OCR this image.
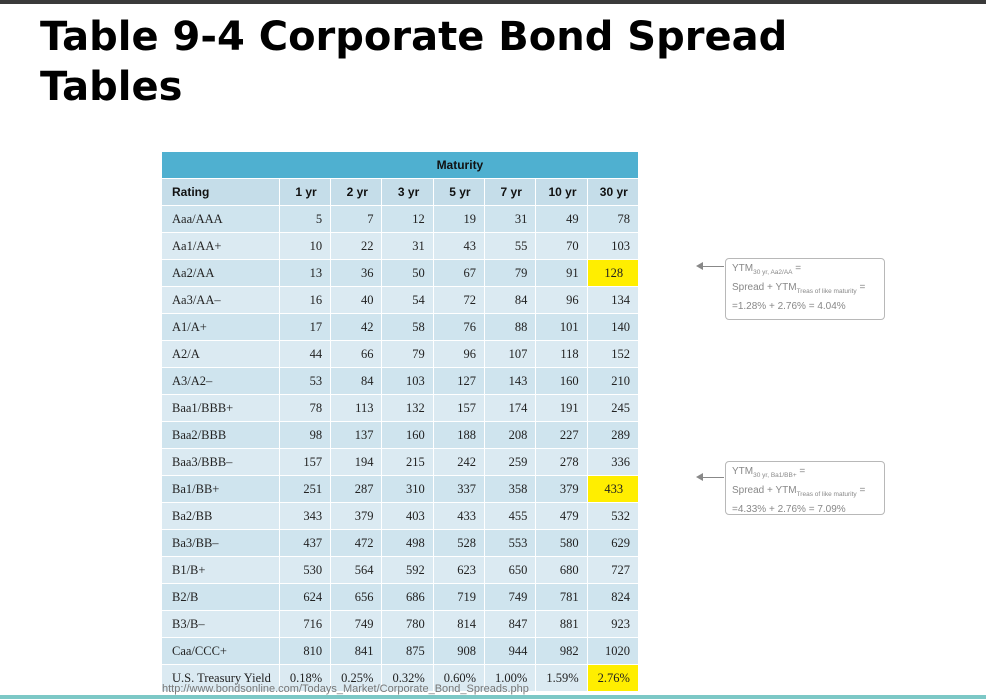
Table 9-4 Corporate Bond Spread Tables
	Maturity						
Rating	1 yr	2 yr	3 yr	5 yr	7 yr	10 yr	30 yr
Aaa/AAA	5	7	12	19	31	49	78
Aa1/AA+	10	22	31	43	55	70	103
Aa2/AA	13	36	50	67	79	91	128
Aa3/AA–	16	40	54	72	84	96	134
A1/A+	17	42	58	76	88	101	140
A2/A	44	66	79	96	107	118	152
A3/A2–	53	84	103	127	143	160	210
Baa1/BBB+	78	113	132	157	174	191	245
Baa2/BBB	98	137	160	188	208	227	289
Baa3/BBB–	157	194	215	242	259	278	336
Ba1/BB+	251	287	310	337	358	379	433
Ba2/BB	343	379	403	433	455	479	532
Ba3/BB–	437	472	498	528	553	580	629
B1/B+	530	564	592	623	650	680	727
B2/B	624	656	686	719	749	781	824
B3/B–	716	749	780	814	847	881	923
Caa/CCC+	810	841	875	908	944	982	1020
U.S. Treasury Yield	0.18%	0.25%	0.32%	0.60%	1.00%	1.59%	2.76%
$YTM_{30 yr, Aa2/AA}$ =
Spread + $YTM_{Treas of like maturity}$ =
=1.28% + 2.76% = 4.04%
$YTM_{30 yr, Ba1/BB+}$ =
Spread + $YTM_{Treas of like maturity}$ =
=4.33% + 2.76% = 7.09%
http://www.bondsonline.com/Todays_Market/Corporate_Bond_Spreads.php
